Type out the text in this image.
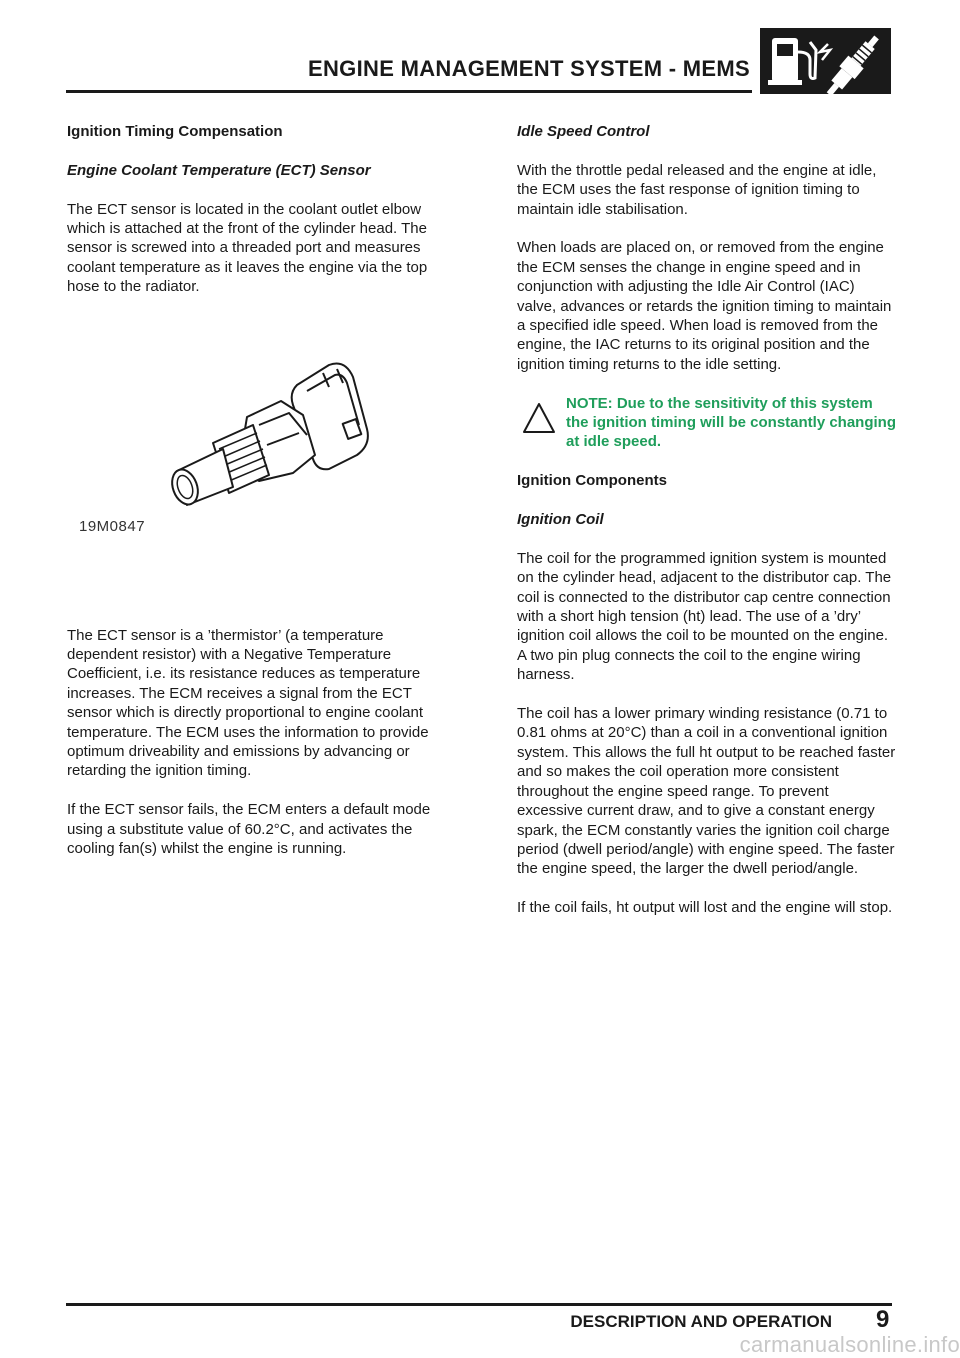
ENGINE MANAGEMENT SYSTEM - MEMS

Ignition Timing Compensation

Engine Coolant Temperature (ECT) Sensor

The ECT sensor is located in the coolant outlet elbow which is attached at the front of the cylinder head. The sensor is screwed into a threaded port and measures coolant temperature as it leaves the engine via the top hose to the radiator.

19M0847

The ECT sensor is a ’thermistor’ (a temperature dependent resistor) with a Negative Temperature Coefficient, i.e. its resistance reduces as temperature increases. The ECM receives a signal from the ECT sensor which is directly proportional to engine coolant temperature. The ECM uses the information to provide optimum driveability and emissions by advancing or retarding the ignition timing.

If the ECT sensor fails, the ECM enters a default mode using a substitute value of 60.2°C, and activates the cooling fan(s) whilst the engine is running.

Idle Speed Control

With the throttle pedal released and the engine at idle, the ECM uses the fast response of ignition timing to maintain idle stabilisation.

When loads are placed on, or removed from the engine the ECM senses the change in engine speed and in conjunction with adjusting the Idle Air Control (IAC) valve, advances or retards the ignition timing to maintain a specified idle speed. When load is removed from the engine, the IAC returns to its original position and the ignition timing returns to the idle setting.

NOTE: Due to the sensitivity of this system the ignition timing will be constantly changing at idle speed.

Ignition Components

Ignition Coil

The coil for the programmed ignition system is mounted on the cylinder head, adjacent to the distributor cap. The coil is connected to the distributor cap centre connection with a short high tension (ht) lead. The use of a ’dry’ ignition coil allows the coil to be mounted on the engine. A two pin plug connects the coil to the engine wiring harness.

The coil has a lower primary winding resistance (0.71 to 0.81 ohms at 20°C) than a coil in a conventional ignition system. This allows the full ht output to be reached faster and so makes the coil operation more consistent throughout the engine speed range. To prevent excessive current draw, and to give a constant energy spark, the ECM constantly varies the ignition coil charge period (dwell period/angle) with engine speed. The faster the engine speed, the larger the dwell period/angle.

If the coil fails, ht output will lost and the engine will stop.

DESCRIPTION AND OPERATION 9
carmanualsonline.info
